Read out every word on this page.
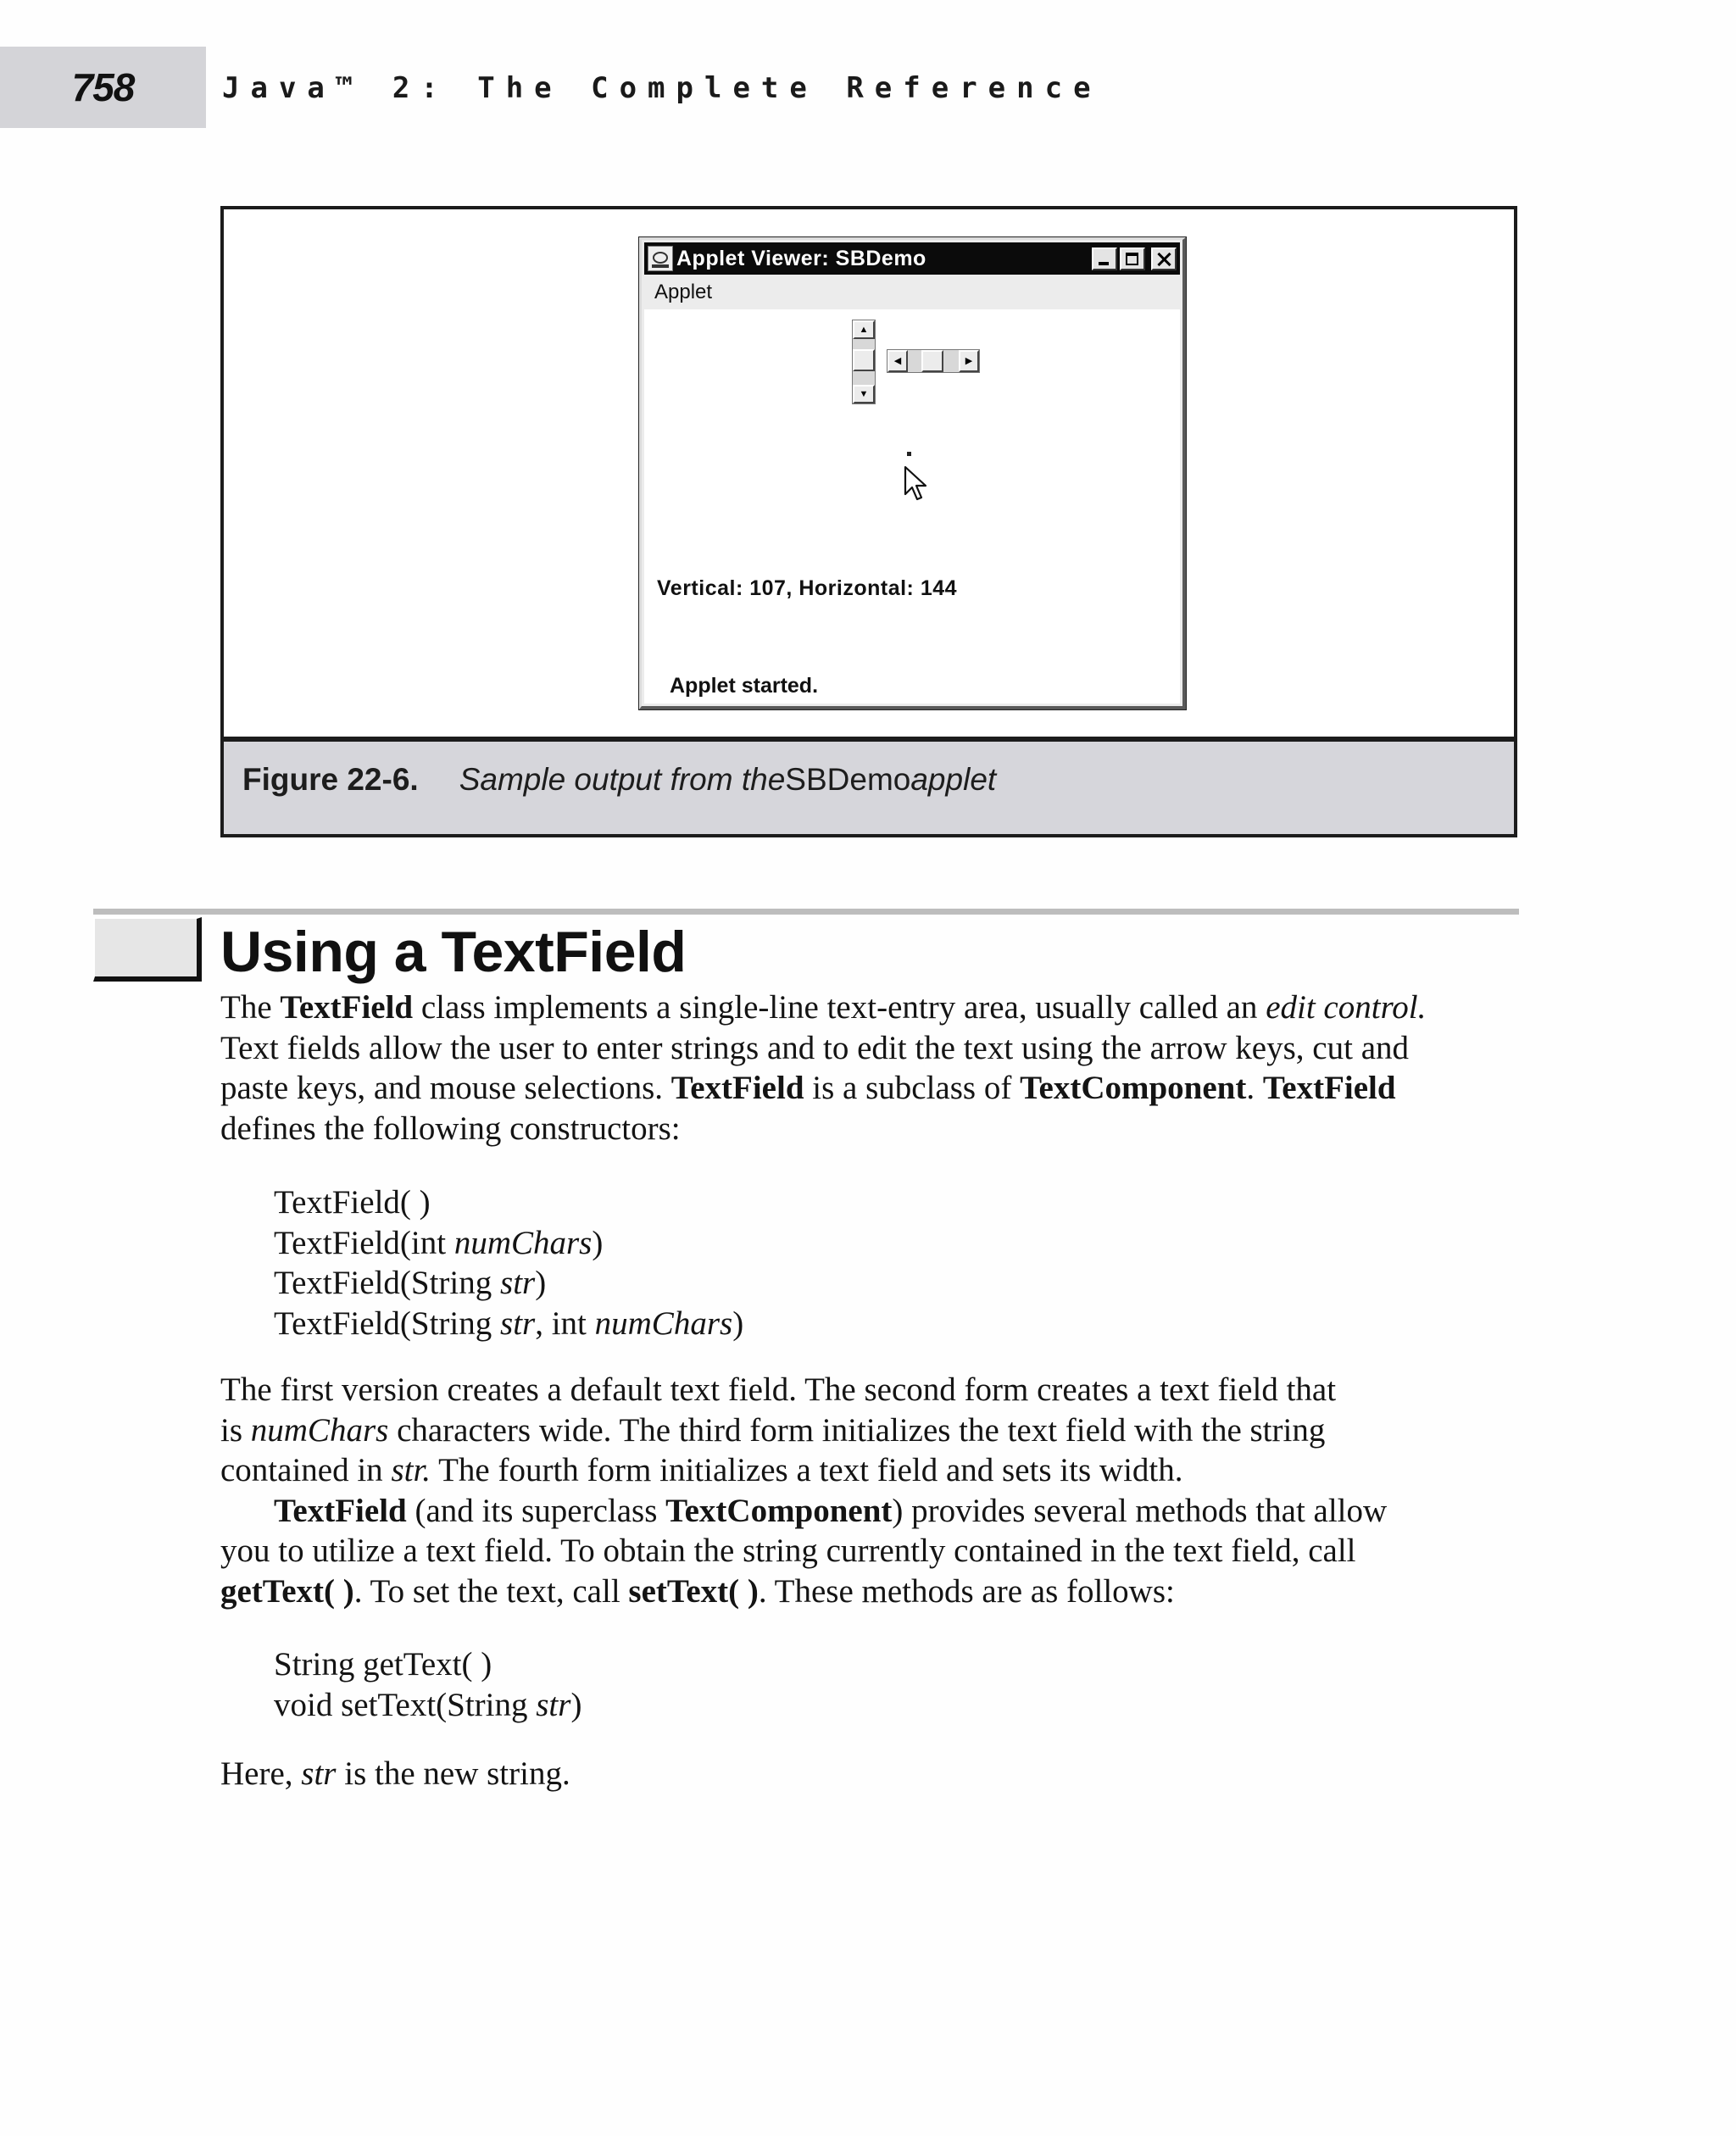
758	Java™ 2: The Complete Reference
Figure 22-6. Sample output from the SBDemo applet
Applet Viewer: SBDemo
Applet
▲
▼
◀	▶
Vertical: 107, Horizontal: 144
Applet started.
Using a TextField
The TextField class implements a single-line text-entry area, usually called an edit control.
Text fields allow the user to enter strings and to edit the text using the arrow keys, cut and
paste keys, and mouse selections. TextField is a subclass of TextComponent. TextField
defines the following constructors:
TextField( )
TextField(int numChars)
TextField(String str)
TextField(String str, int numChars)
The first version creates a default text field. The second form creates a text field that
is numChars characters wide. The third form initializes the text field with the string
contained in str. The fourth form initializes a text field and sets its width.
TextField (and its superclass TextComponent) provides several methods that allow
you to utilize a text field. To obtain the string currently contained in the text field, call
getText( ). To set the text, call setText( ). These methods are as follows:
String getText( )
void setText(String str)
Here, str is the new string.
